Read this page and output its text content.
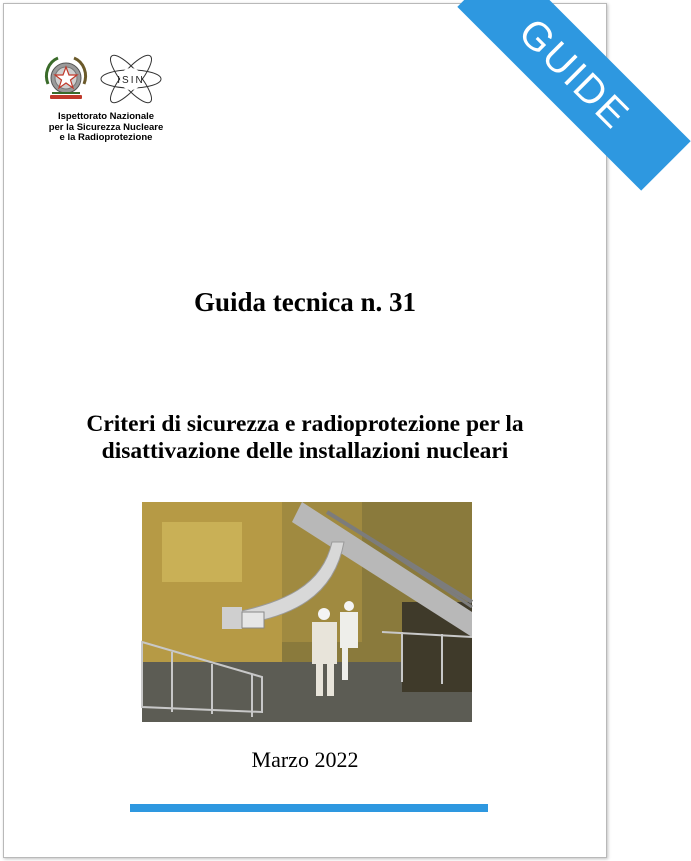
GUIDE
ISIN
Ispettorato Nazionale
per la Sicurezza Nucleare
e la Radioprotezione
Guida tecnica n. 31
Criteri di sicurezza e radioprotezione per la
disattivazione delle installazioni nucleari
Marzo 2022
